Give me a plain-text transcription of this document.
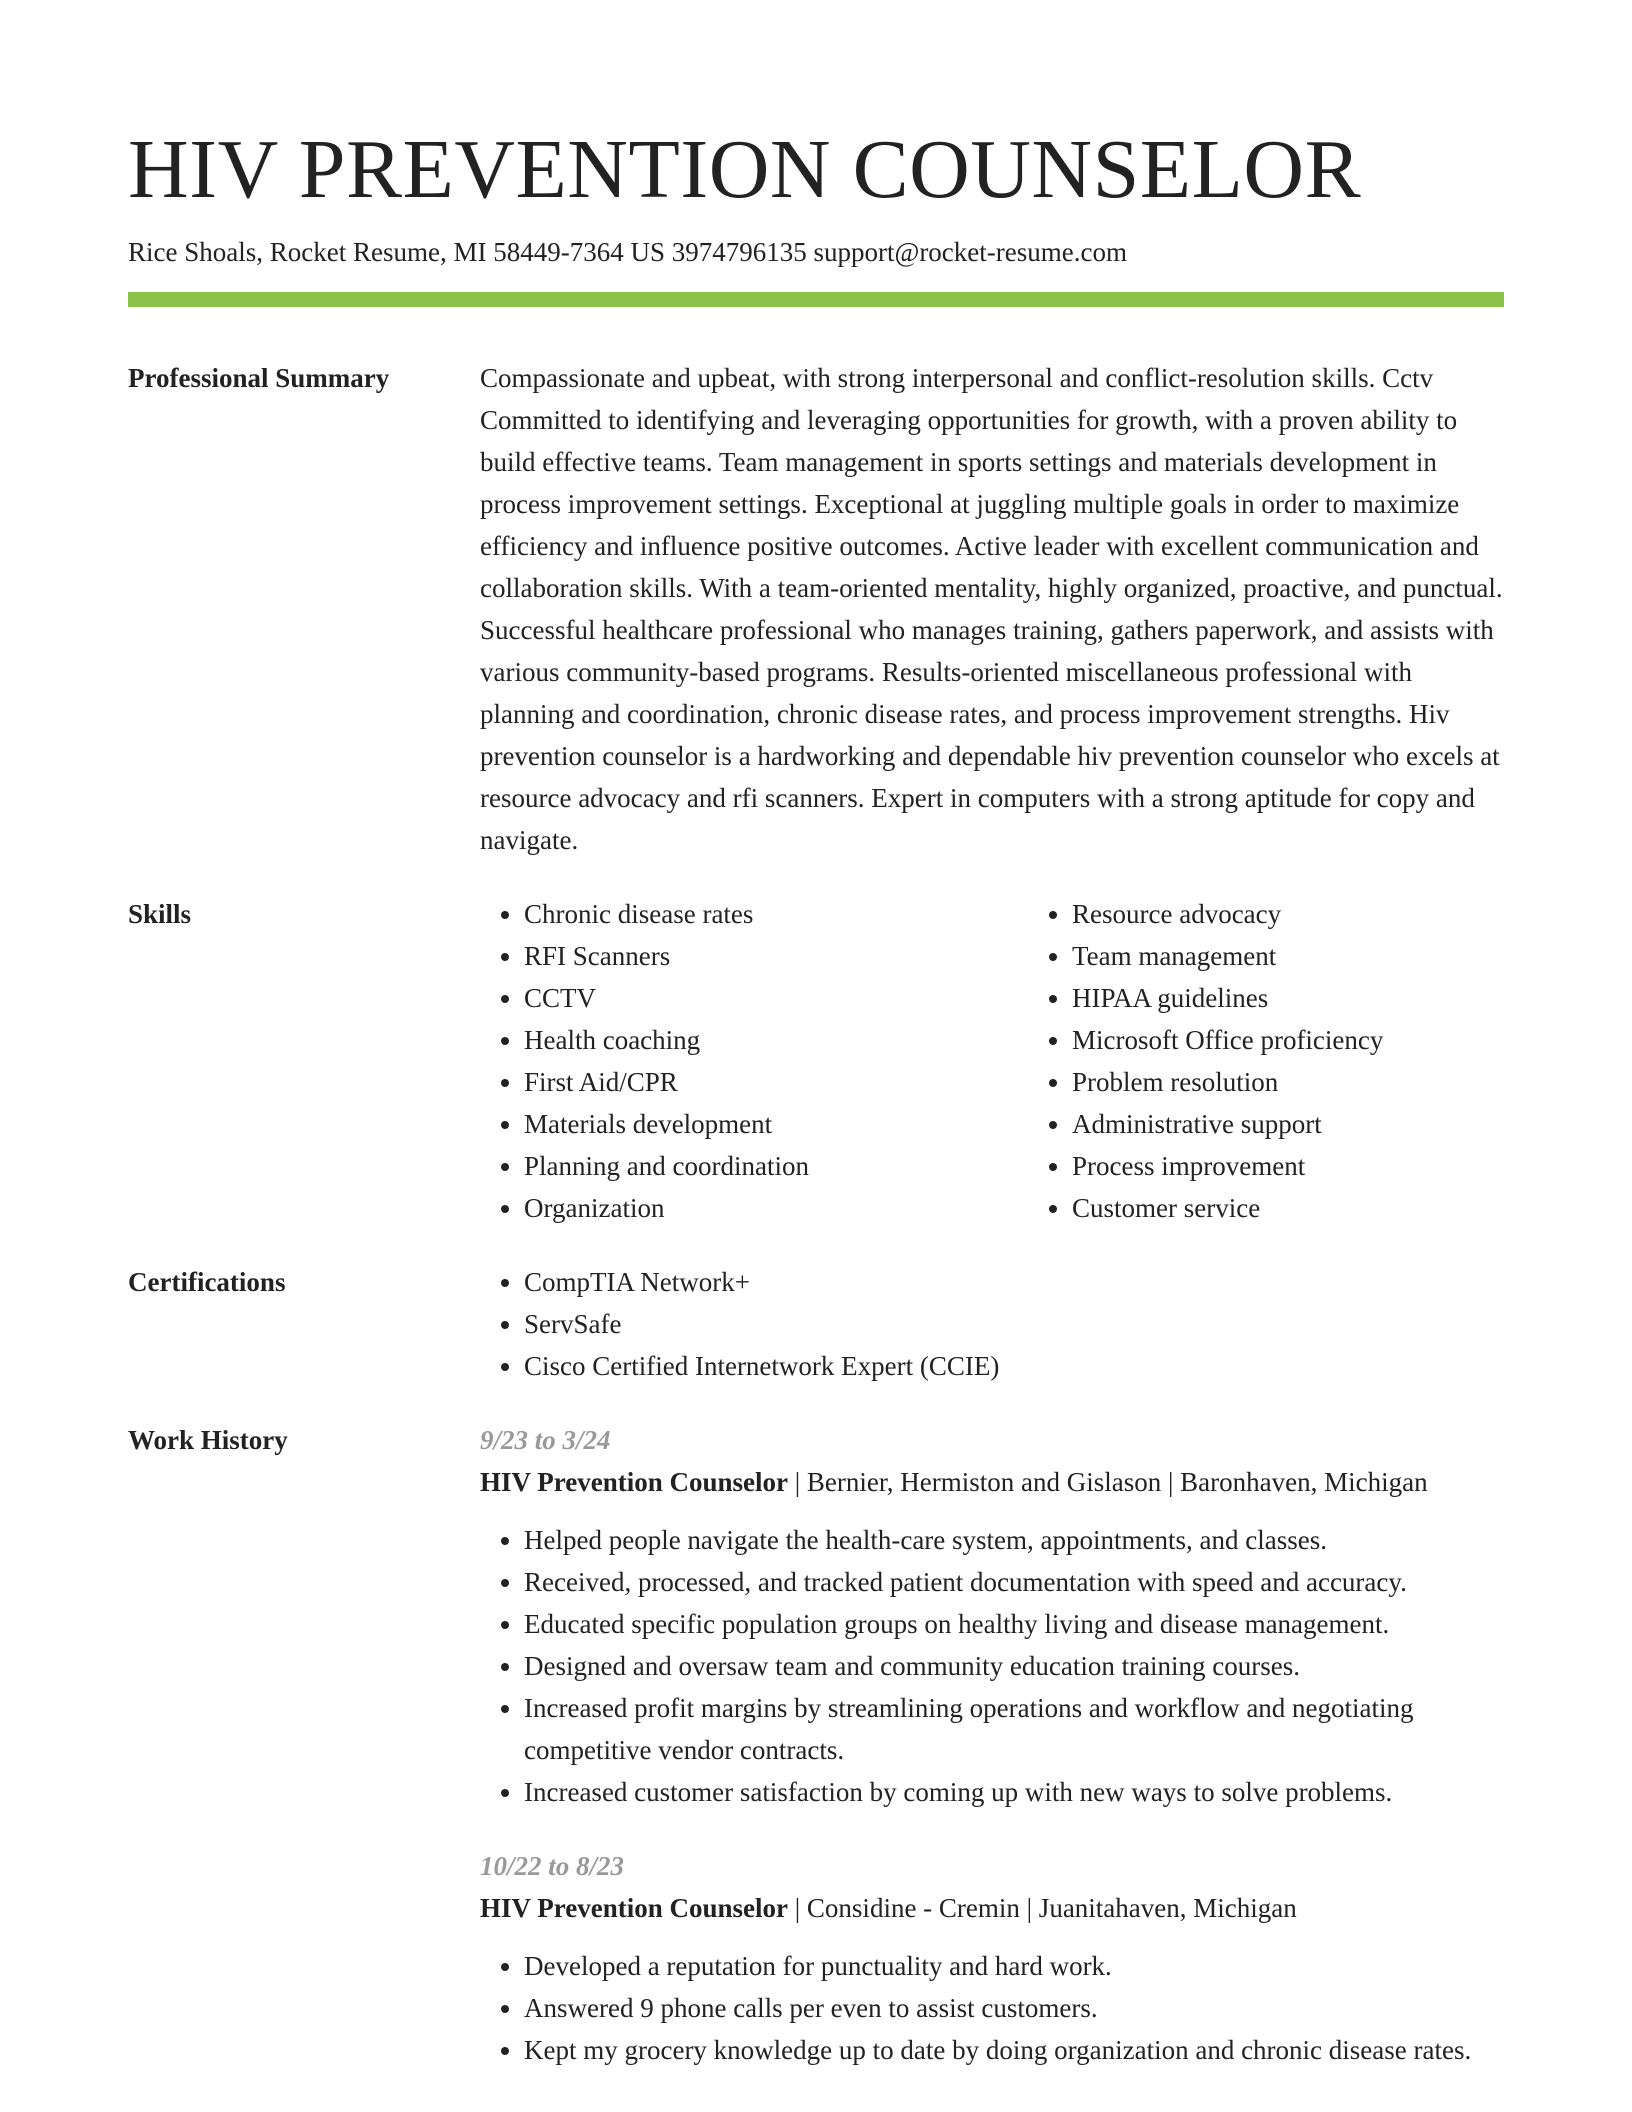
HIV PREVENTION COUNSELOR
Rice Shoals, Rocket Resume, MI 58449-7364 US 3974796135 support@rocket-resume.com
Professional Summary	Compassionate and upbeat, with strong interpersonal and conflict-resolution skills. Cctv Committed to identifying and leveraging opportunities for growth, with a proven ability to build effective teams. Team management in sports settings and materials development in process improvement settings. Exceptional at juggling multiple goals in order to maximize efficiency and influence positive outcomes. Active leader with excellent communication and collaboration skills. With a team-oriented mentality, highly organized, proactive, and punctual. Successful healthcare professional who manages training, gathers paperwork, and assists with various community-based programs. Results-oriented miscellaneous professional with planning and coordination, chronic disease rates, and process improvement strengths. Hiv prevention counselor is a hardworking and dependable hiv prevention counselor who excels at resource advocacy and rfi scanners. Expert in computers with a strong aptitude for copy and navigate.
Skills	• Chronic disease rates
• RFI Scanners
• CCTV
• Health coaching
• First Aid/CPR
• Materials development
• Planning and coordination
• Organization
• Resource advocacy
• Team management
• HIPAA guidelines
• Microsoft Office proficiency
• Problem resolution
• Administrative support
• Process improvement
• Customer service
Certifications	• CompTIA Network+
• ServSafe
• Cisco Certified Internetwork Expert (CCIE)
Work History	9/23 to 3/24
HIV Prevention Counselor | Bernier, Hermiston and Gislason | Baronhaven, Michigan
• Helped people navigate the health-care system, appointments, and classes.
• Received, processed, and tracked patient documentation with speed and accuracy.
• Educated specific population groups on healthy living and disease management.
• Designed and oversaw team and community education training courses.
• Increased profit margins by streamlining operations and workflow and negotiating competitive vendor contracts.
• Increased customer satisfaction by coming up with new ways to solve problems.
10/22 to 8/23
HIV Prevention Counselor | Considine - Cremin | Juanitahaven, Michigan
• Developed a reputation for punctuality and hard work.
• Answered 9 phone calls per even to assist customers.
• Kept my grocery knowledge up to date by doing organization and chronic disease rates.
